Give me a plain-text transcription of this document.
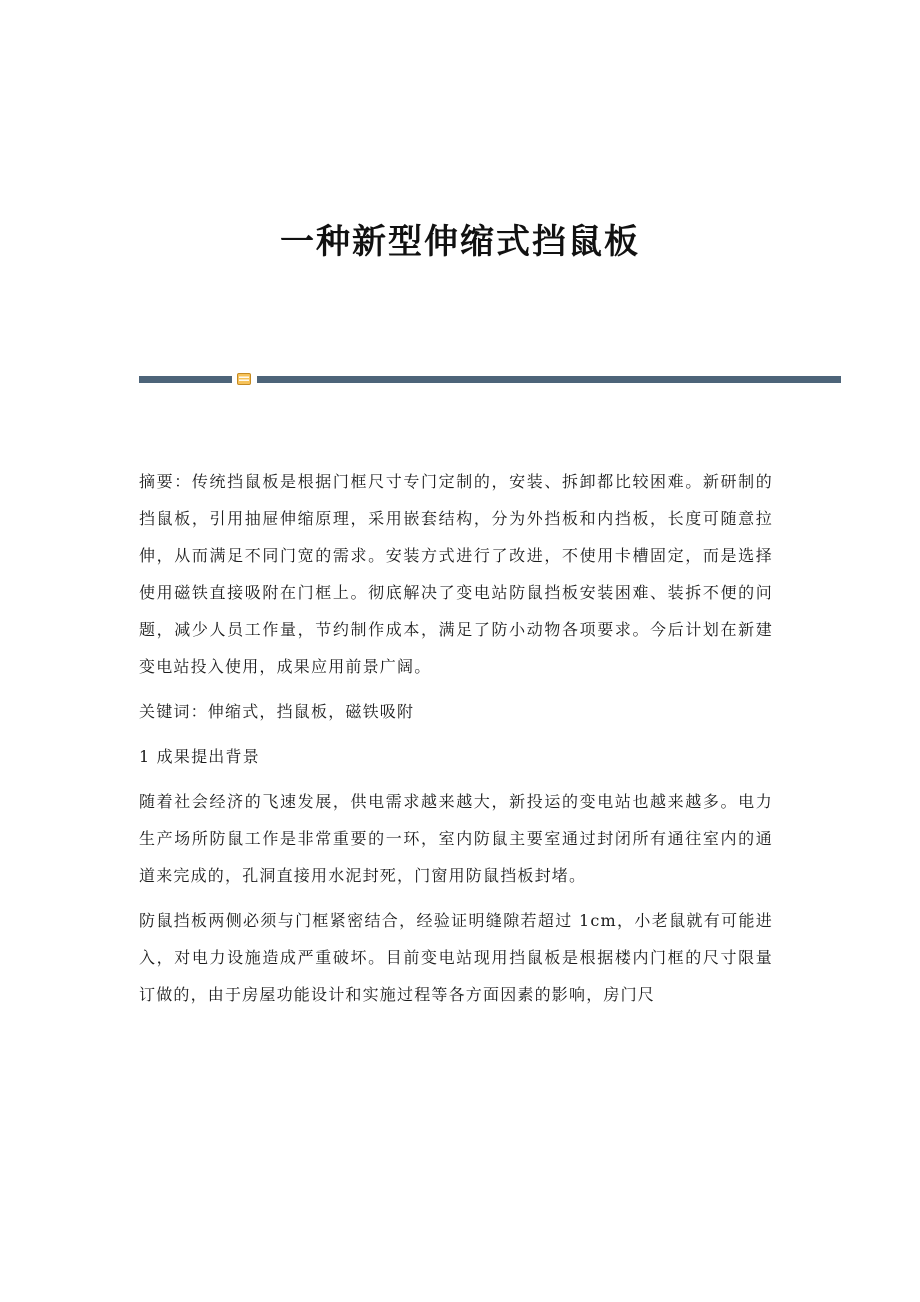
一种新型伸缩式挡鼠板

摘要：传统挡鼠板是根据门框尺寸专门定制的，安装、拆卸都比较困难。新研制的挡鼠板，引用抽屉伸缩原理，采用嵌套结构，分为外挡板和内挡板，长度可随意拉伸，从而满足不同门宽的需求。安装方式进行了改进，不使用卡槽固定，而是选择使用磁铁直接吸附在门框上。彻底解决了变电站防鼠挡板安装困难、装拆不便的问题，减少人员工作量，节约制作成本，满足了防小动物各项要求。今后计划在新建变电站投入使用，成果应用前景广阔。

关键词：伸缩式，挡鼠板，磁铁吸附

1 成果提出背景

随着社会经济的飞速发展，供电需求越来越大，新投运的变电站也越来越多。电力生产场所防鼠工作是非常重要的一环，室内防鼠主要室通过封闭所有通往室内的通道来完成的，孔洞直接用水泥封死，门窗用防鼠挡板封堵。

防鼠挡板两侧必须与门框紧密结合，经验证明缝隙若超过 1cm，小老鼠就有可能进入，对电力设施造成严重破坏。目前变电站现用挡鼠板是根据楼内门框的尺寸限量订做的，由于房屋功能设计和实施过程等各方面因素的影响，房门尺
